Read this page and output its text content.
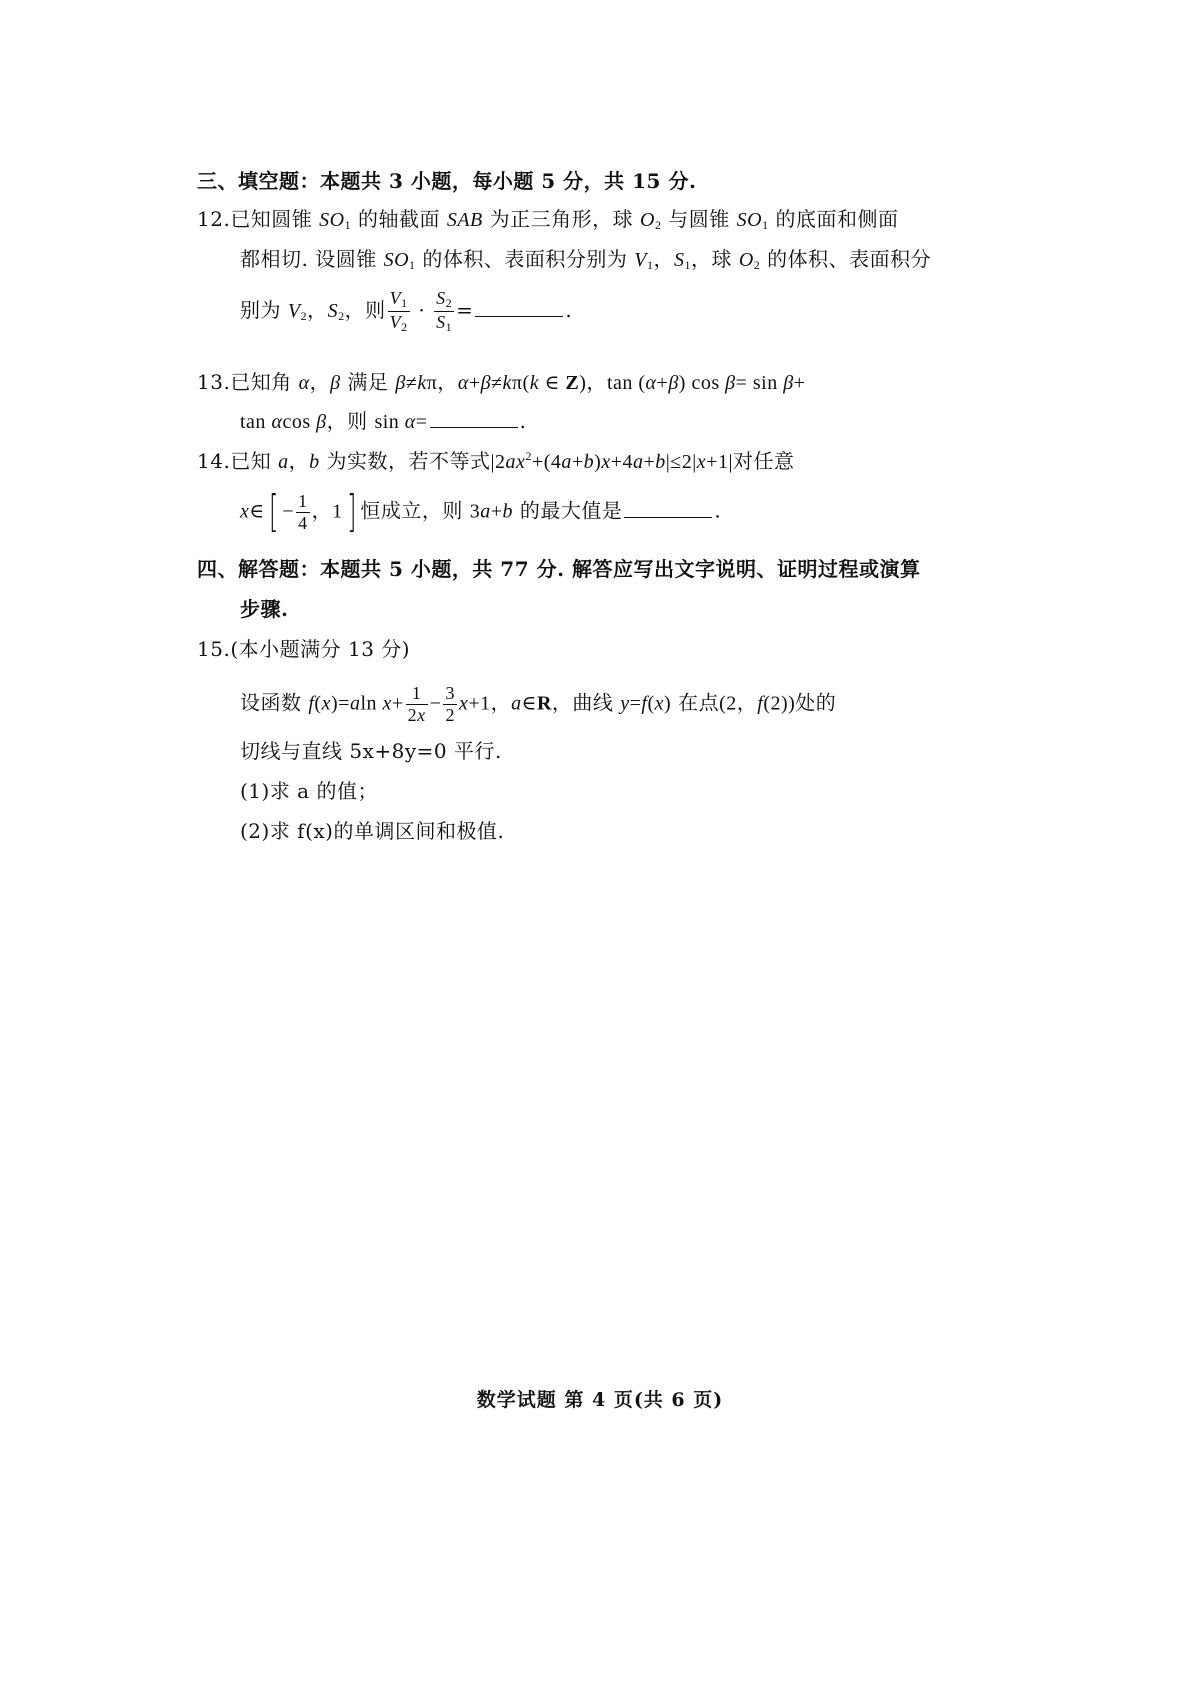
三、填空题：本题共 3 小题，每小题 5 分，共 15 分.
12.已知圆锥 $SO_1$ 的轴截面 SAB 为正三角形，球 $O_2$ 与圆锥 $SO_1$ 的底面和侧面
都相切. 设圆锥 $SO_1$ 的体积、表面积分别为 $V_1$，$S_1$，球 $O_2$ 的体积、表面积分
别为 $V_2$，$S_2$，则 $\frac{V_1}{V_2} \cdot \frac{S_2}{S_1}$ =	.
13.已知角 α，β 满足 β≠kπ，α+β≠kπ(k ∈ Z)，tan (α+β) cos β= sin β+
tan αcos β，则 sin α=	.
14.已知 a，b 为实数，若不等式$|2ax^2+(4a+b)x+4a+b|\le 2|x+1|$对任意
x∈[ − $\frac{1}{4}$ ，1] 恒成立，则 3a+b 的最大值是	.
四、解答题：本题共 5 小题，共 77 分. 解答应写出文字说明、证明过程或演算
步骤.
15.(本小题满分 13 分)
设函数 f(x)=aln $x+ \frac{1}{2x} - \frac{3}{2} x+1$，a∈R，曲线 y=f(x) 在点(2，f(2))处的
切线与直线 5x+8y=0 平行.
(1)求 a 的值；
(2)求 f(x)的单调区间和极值.
数学试题 第 4 页(共 6 页)
